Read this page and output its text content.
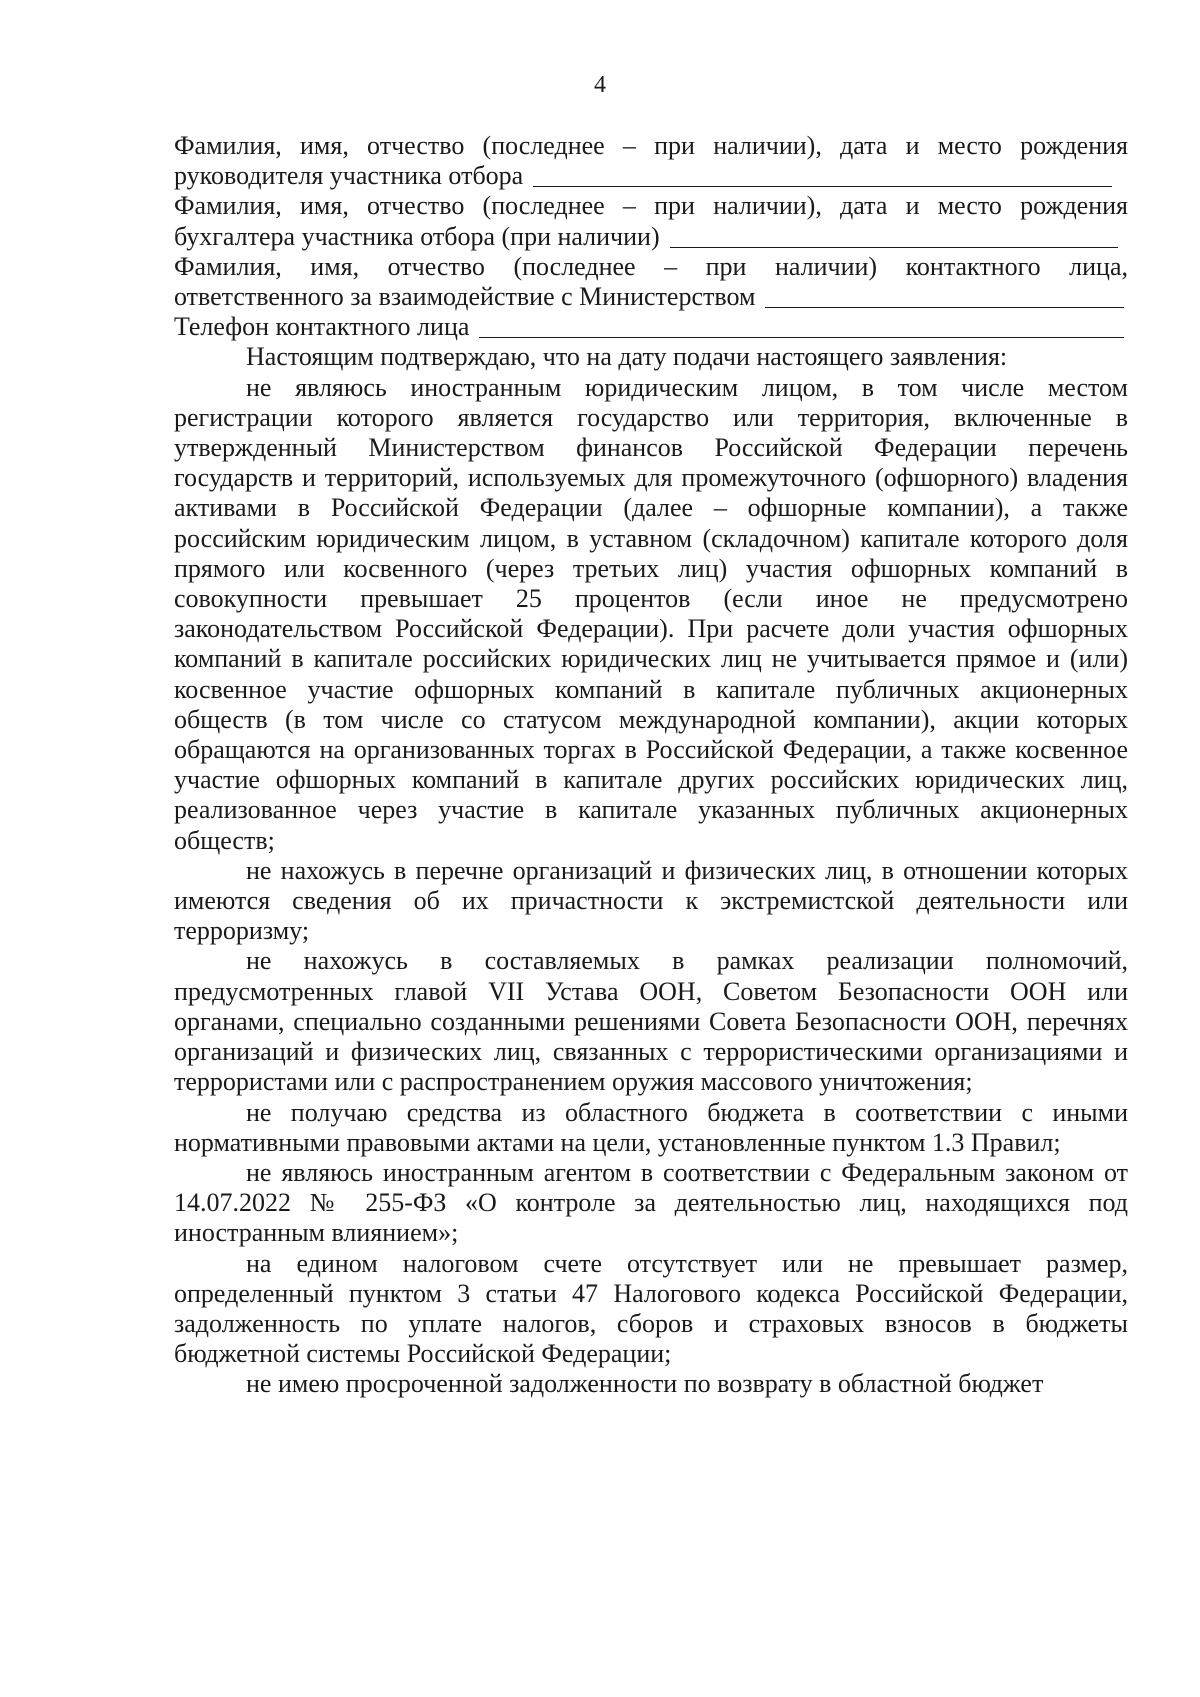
4
Фамилия, имя, отчество (последнее – при наличии), дата и место рождения
руководителя участника отбора
Фамилия, имя, отчество (последнее – при наличии), дата и место рождения
бухгалтера участника отбора (при наличии)
Фамилия, имя, отчество (последнее – при наличии) контактного лица,
ответственного за взаимодействие с Министерством
Телефон контактного лица

Настоящим подтверждаю, что на дату подачи настоящего заявления:

не являюсь иностранным юридическим лицом, в том числе местом регистрации которого является государство или территория, включенные в утвержденный Министерством финансов Российской Федерации перечень государств и территорий, используемых для промежуточного (офшорного) владения активами в Российской Федерации (далее – офшорные компании), а также российским юридическим лицом, в уставном (складочном) капитале которого доля прямого или косвенного (через третьих лиц) участия офшорных компаний в совокупности превышает 25 процентов (если иное не предусмотрено законодательством Российской Федерации). При расчете доли участия офшорных компаний в капитале российских юридических лиц не учитывается прямое и (или) косвенное участие офшорных компаний в капитале публичных акционерных обществ (в том числе со статусом международной компании), акции которых обращаются на организованных торгах в Российской Федерации, а также косвенное участие офшорных компаний в капитале других российских юридических лиц, реализованное через участие в капитале указанных публичных акционерных обществ;

не нахожусь в перечне организаций и физических лиц, в отношении которых имеются сведения об их причастности к экстремистской деятельности или терроризму;

не нахожусь в составляемых в рамках реализации полномочий, предусмотренных главой VII Устава ООН, Советом Безопасности ООН или органами, специально созданными решениями Совета Безопасности ООН, перечнях организаций и физических лиц, связанных с террористическими организациями и террористами или с распространением оружия массового уничтожения;

не получаю средства из областного бюджета в соответствии с иными нормативными правовыми актами на цели, установленные пунктом 1.3 Правил;

не являюсь иностранным агентом в соответствии с Федеральным законом от 14.07.2022 № 255-ФЗ «О контроле за деятельностью лиц, находящихся под иностранным влиянием»;

на едином налоговом счете отсутствует или не превышает размер, определенный пунктом 3 статьи 47 Налогового кодекса Российской Федерации, задолженность по уплате налогов, сборов и страховых взносов в бюджеты бюджетной системы Российской Федерации;

не имею просроченной задолженности по возврату в областной бюджет
